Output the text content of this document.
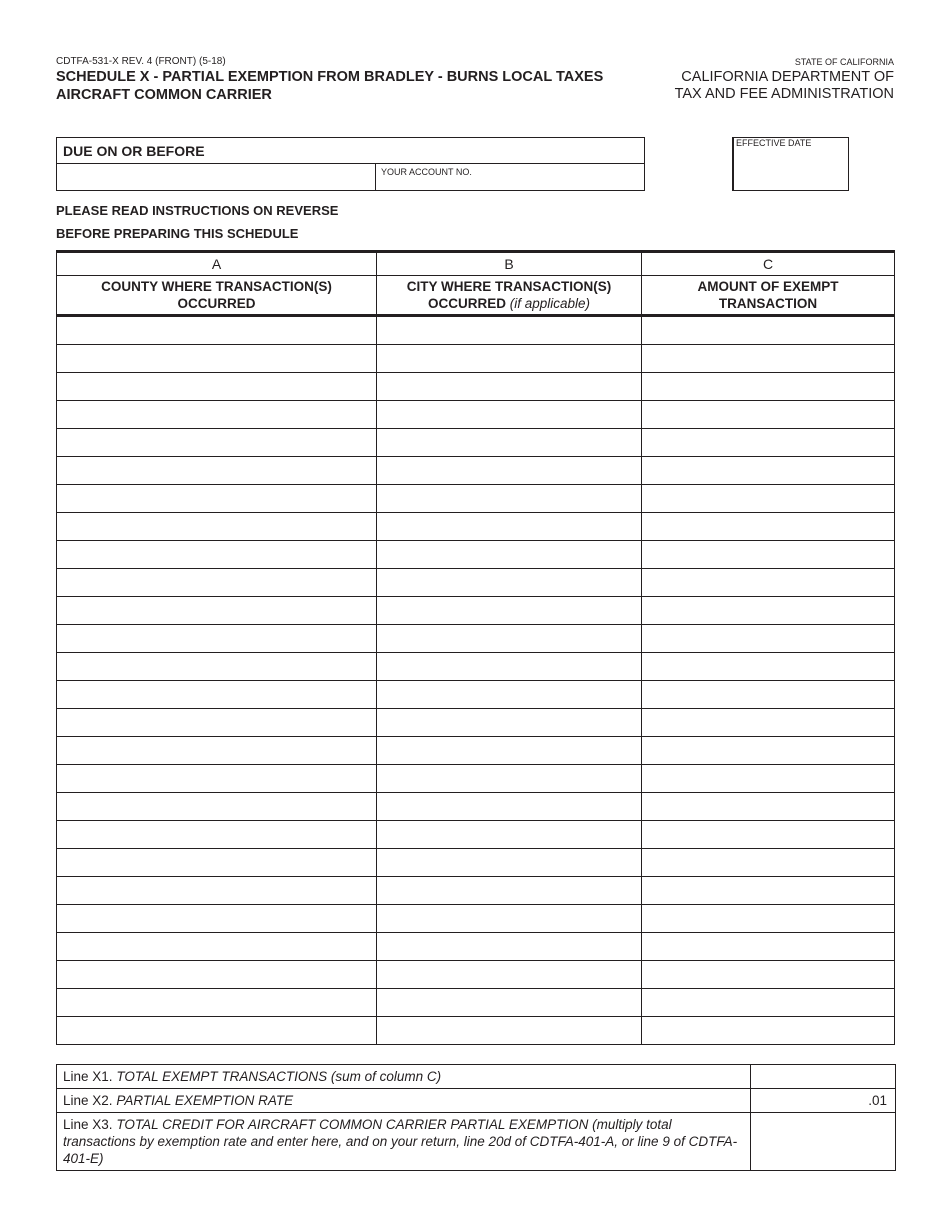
CDTFA-531-X REV. 4 (FRONT) (5-18)
SCHEDULE X - PARTIAL EXEMPTION FROM BRADLEY - BURNS LOCAL TAXES
AIRCRAFT COMMON CARRIER
STATE OF CALIFORNIA
CALIFORNIA DEPARTMENT OF
TAX AND FEE ADMINISTRATION
DUE ON OR BEFORE
YOUR ACCOUNT NO.
EFFECTIVE DATE
PLEASE READ INSTRUCTIONS ON REVERSE
BEFORE PREPARING THIS SCHEDULE
A	B	C

COUNTY WHERE TRANSACTION(S) OCCURRED	CITY WHERE TRANSACTION(S) OCCURRED (if applicable)	AMOUNT OF EXEMPT TRANSACTION

Line X1. TOTAL EXEMPT TRANSACTIONS (sum of column C)	
Line X2. PARTIAL EXEMPTION RATE	.01
Line X3. TOTAL CREDIT FOR AIRCRAFT COMMON CARRIER PARTIAL EXEMPTION (multiply total transactions by exemption rate and enter here, and on your return, line 20d of CDTFA-401-A, or line 9 of CDTFA-401-E)	
